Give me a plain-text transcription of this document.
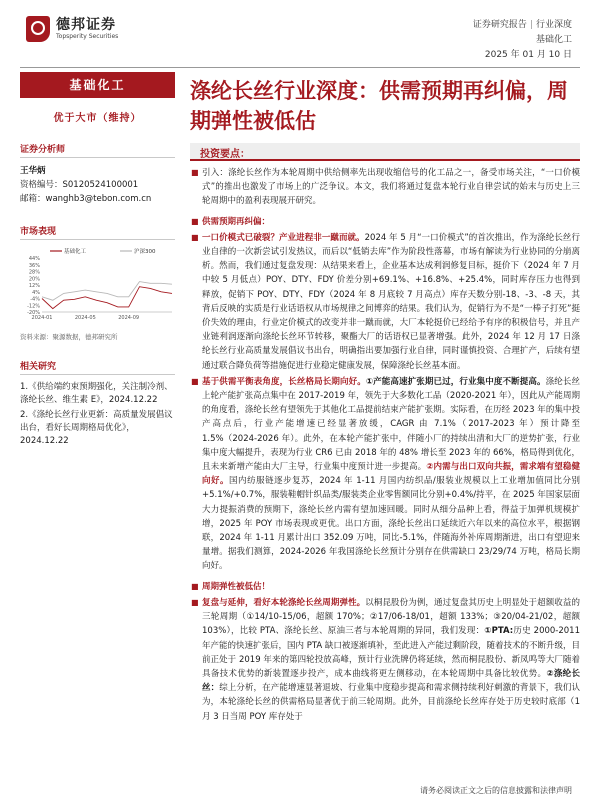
德邦证券
Topsperity Securities
证券研究报告 | 行业深度
基础化工
2025 年 01 月 10 日
基础化工
优于大市（维持）
证券分析师
王华炳
资格编号：S0120524100001
邮箱：wanghb3@tebon.com.cn
市场表现
-20%
-12%
-4%
4%
12%
20%
28%
36%
44%
2024-01	2024-05	2024-09
基础化工	沪深300
资料来源：聚源数据，德邦研究所
相关研究
1.《供给端约束预期强化，关注制冷剂、涤纶长丝、维生素 E》，2024.12.22
2.《涤纶长丝行业更新：高质量发展倡议出台，看好长周期格局优化》，2024.12.22
涤纶长丝行业深度：供需预期再纠偏，周期弹性被低估
投资要点：
■ 引入：涤纶长丝作为本轮周期中供给侧率先出现收缩信号的化工品之一，备受市场关注，“一口价模式”的推出也激发了市场上的广泛争议。本文，我们将通过复盘本轮行业自律尝试的始末与历史上三轮周期中的盈利表现展开研究。
■ 供需预期再纠偏：
■ 一口价模式已破裂？产业进程非一蹴而就。2024 年 5 月“一口价模式”的首次推出，作为涤纶长丝行业自律的一次新尝试引发热议，而后以“低销去库”作为阶段性落幕，市场有解读为行业协同的分崩离析。然而，我们通过复盘发现：从结果来看上，企业基本达成利润修复目标，挺价下（2024 年 7 月中较 5 月低点）POY、DTY、FDY 价差分别+69.1%、+16.8%、+25.4%，同时库存压力也得到释放，促销下 POY、DTY、FDY（2024 年 8 月底较 7 月高点）库存天数分别-18、-3、-8 天，其背后反映的实质是行业话语权从市场规律之间博弈的结果。我们认为，促销行为不是“一棒子打死”挺价失效的理由，行业定价模式的改变并非一蹴而就，大厂本轮挺价已经给予有序的积极信号，并且产业链利润逐渐向涤纶长丝环节转移，聚酯大厂的话语权已显著增强。此外，2024 年 12 月 17 日涤纶长丝行业高质量发展倡议书出台，明确指出要加强行业自律，同时谨慎投资、合理扩产，后续有望通过联合降负荷等措施促进行业稳定健康发展，保障涤纶长丝基本面。
■ 基于供需平衡表角度，长丝格局长期向好。①产能高速扩张期已过，行业集中度不断提高。涤纶长丝上轮产能扩张高点集中在 2017-2019 年，领先于大多数化工品（2020-2021 年），因此从产能周期的角度看，涤纶长丝有望领先于其他化工品提前结束产能扩张期。实际看，在历经 2023 年的集中投产高点后，行业产能增速已经显著放缓，CAGR 由 7.1%（2017-2023 年）预计降至 1.5%（2024-2026 年）。此外，在本轮产能扩张中，伴随小厂的持续出清和大厂的逆势扩张，行业集中度大幅提升，表现为行业 CR6 已由 2018 年的 48% 增长至 2023 年的 66%，格局得到优化，且未来新增产能由大厂主导，行业集中度预计进一步提高。②内需与出口双向共振，需求端有望稳健向好。国内纺服链逐步复苏，2024 年 1-11 月国内纺织品/服装业规模以上工业增加值同比分别+5.1%/+0.7%，服装鞋帽针织品类/服装类企业零售额同比分别+0.4%/持平，在 2025 年国家层面大力提振消费的预期下，涤纶长丝内需有望加速回暖。同时从细分品种上看，得益于加弹机规模扩增，2025 年 POY 市场表现或更优。出口方面，涤纶长丝出口延续近六年以来的高位水平，根据钢联，2024 年 1-11 月累计出口 352.09 万吨，同比-5.1%，伴随海外补库周期渐进，出口有望迎来量增。据我们测算，2024-2026 年我国涤纶长丝预计分别存在供需缺口 23/29/74 万吨，格局长期向好。
■ 周期弹性被低估！
■ 复盘与延伸，看好本轮涤纶长丝周期弹性。以桐昆股份为例，通过复盘其历史上明显处于超额收益的三轮周期（①14/10-15/06，超额 170%；②17/06-18/01，超额 133%；③20/04-21/02，超额 103%），比较 PTA、涤纶长丝、原油三者与本轮周期的异同，我们发现：①PTA:历史 2000-2011 年产能的快速扩张后，国内 PTA 缺口被逐渐填补，至此进入产能过剩阶段，随着技术的不断升级，目前正处于 2019 年来的第四轮投放高峰，预计行业洗牌仍将延续，然而桐昆股份、新凤鸣等大厂随着具备技术优势的新装置逐步投产，成本曲线将更左侧移动，在本轮周期中具备比较优势。②涤纶长丝：综上分析，在产能增速显著退坡、行业集中度稳步提高和需求侧持续利好刺激的背景下，我们认为，本轮涤纶长丝的供需格局显著优于前三轮周期。此外，目前涤纶长丝库存处于历史较时底部（1 月 3 日当周 POY 库存处于
请务必阅读正文之后的信息披露和法律声明
